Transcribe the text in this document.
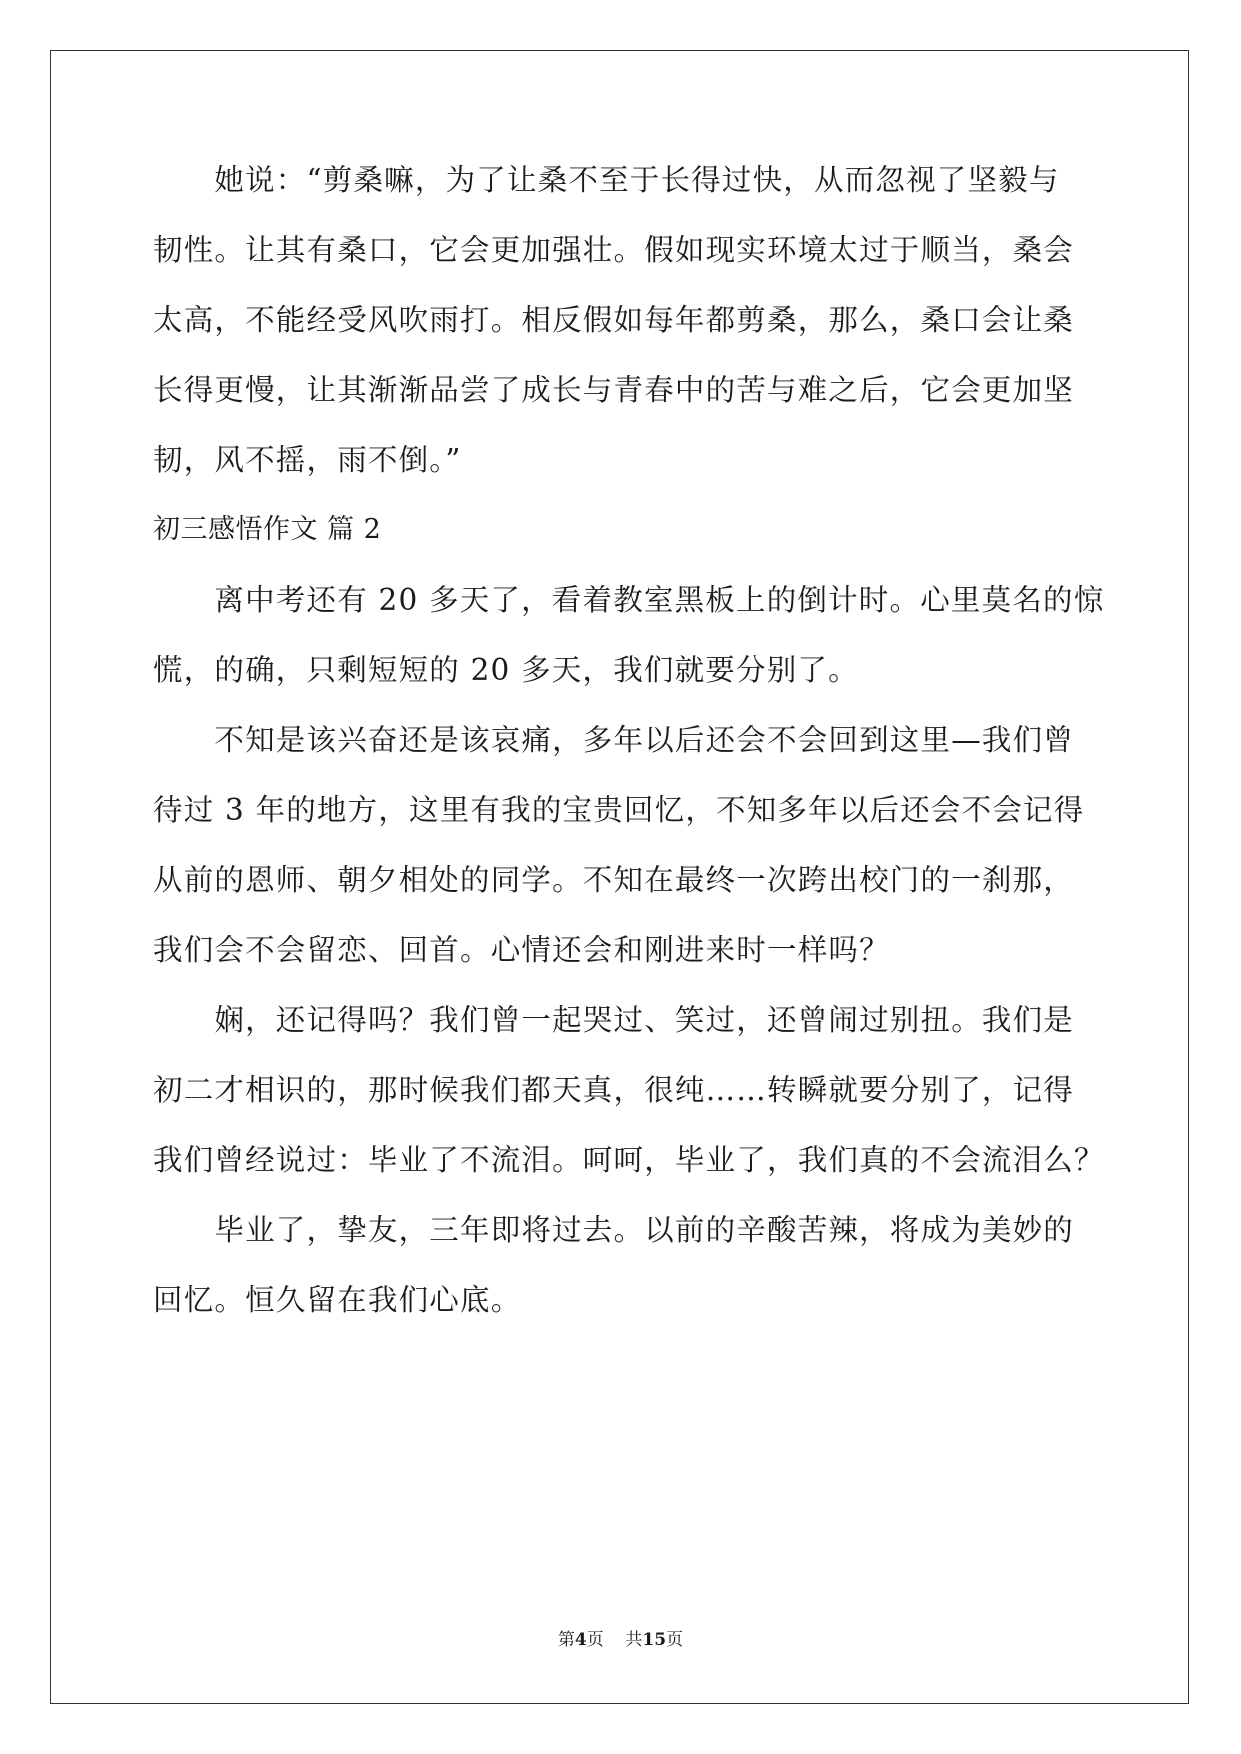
　　她说：“剪桑嘛，为了让桑不至于长得过快，从而忽视了坚毅与
韧性。让其有桑口，它会更加强壮。假如现实环境太过于顺当，桑会
太高，不能经受风吹雨打。相反假如每年都剪桑，那么，桑口会让桑
长得更慢，让其渐渐品尝了成长与青春中的苦与难之后，它会更加坚
韧，风不摇，雨不倒。”
初三感悟作文 篇 2
　　离中考还有 20 多天了，看着教室黑板上的倒计时。心里莫名的惊
慌，的确，只剩短短的 20 多天，我们就要分别了。
　　不知是该兴奋还是该哀痛，多年以后还会不会回到这里—我们曾
待过 3 年的地方，这里有我的宝贵回忆，不知多年以后还会不会记得
从前的恩师、朝夕相处的同学。不知在最终一次跨出校门的一刹那，
我们会不会留恋、回首。心情还会和刚进来时一样吗？
　　娴，还记得吗？我们曾一起哭过、笑过，还曾闹过别扭。我们是
初二才相识的，那时候我们都天真，很纯……转瞬就要分别了，记得
我们曾经说过：毕业了不流泪。呵呵，毕业了，我们真的不会流泪么？
　　毕业了，挚友，三年即将过去。以前的辛酸苦辣，将成为美妙的
回忆。恒久留在我们心底。
第4页    共15页
